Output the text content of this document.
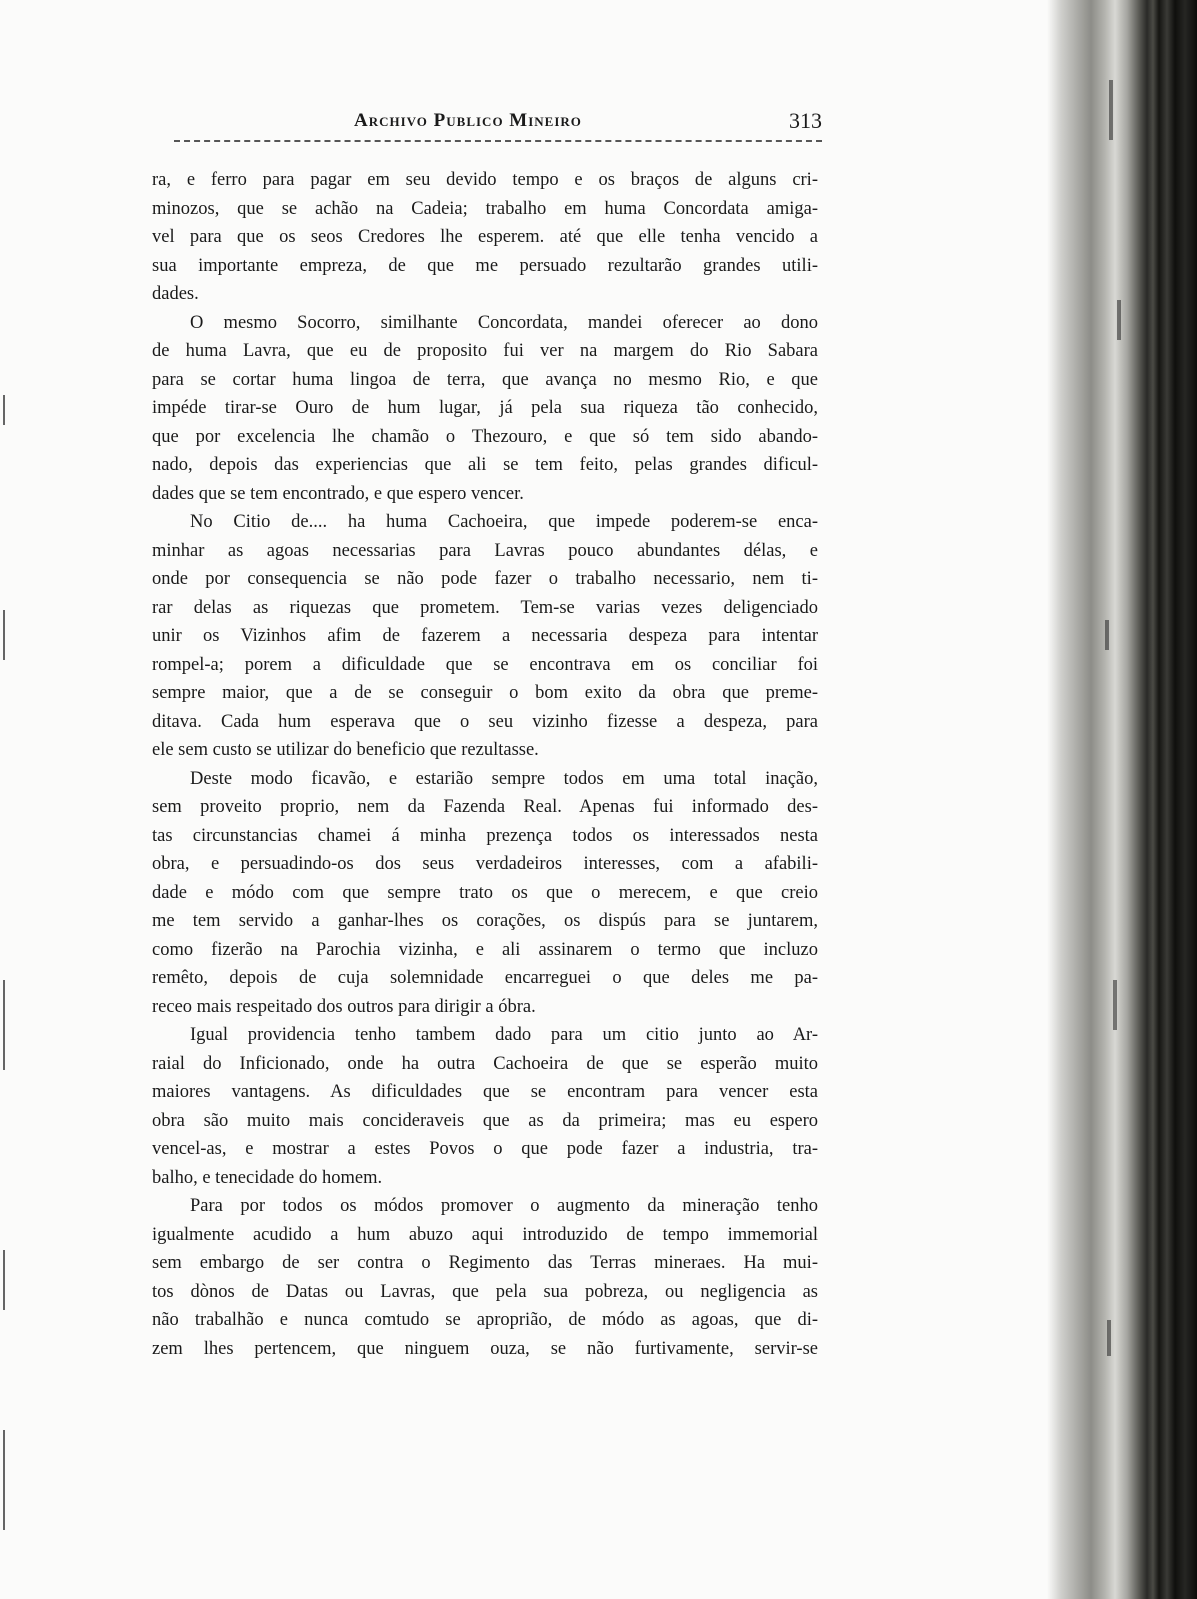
Archivo Publico Mineiro	313
ra, e ferro para pagar em seu devido tempo e os braços de alguns cri-
minozos, que se achão na Cadeia; trabalho em huma Concordata amiga-
vel para que os seos Credores lhe esperem. até que elle tenha vencido a
sua importante empreza, de que me persuado rezultarão grandes utili-
dades.
O mesmo Socorro, similhante Concordata, mandei oferecer ao dono
de huma Lavra, que eu de proposito fui ver na margem do Rio Sabara
para se cortar huma lingoa de terra, que avança no mesmo Rio, e que
impéde tirar-se Ouro de hum lugar, já pela sua riqueza tão conhecido,
que por excelencia lhe chamão o Thezouro, e que só tem sido abando-
nado, depois das experiencias que ali se tem feito, pelas grandes dificul-
dades que se tem encontrado, e que espero vencer.
No Citio de.... ha huma Cachoeira, que impede poderem-se enca-
minhar as agoas necessarias para Lavras pouco abundantes délas, e
onde por consequencia se não pode fazer o trabalho necessario, nem ti-
rar delas as riquezas que prometem. Tem-se varias vezes deligenciado
unir os Vizinhos afim de fazerem a necessaria despeza para intentar
rompel-a; porem a dificuldade que se encontrava em os conciliar foi
sempre maior, que a de se conseguir o bom exito da obra que preme-
ditava. Cada hum esperava que o seu vizinho fizesse a despeza, para
ele sem custo se utilizar do beneficio que rezultasse.
Deste modo ficavão, e estarião sempre todos em uma total inação,
sem proveito proprio, nem da Fazenda Real. Apenas fui informado des-
tas circunstancias chamei á minha prezença todos os interessados nesta
obra, e persuadindo-os dos seus verdadeiros interesses, com a afabili-
dade e módo com que sempre trato os que o merecem, e que creio
me tem servido a ganhar-lhes os corações, os dispús para se juntarem,
como fizerão na Parochia vizinha, e ali assinarem o termo que incluzo
remêto, depois de cuja solemnidade encarreguei o que deles me pa-
receo mais respeitado dos outros para dirigir a óbra.
Igual providencia tenho tambem dado para um citio junto ao Ar-
raial do Inficionado, onde ha outra Cachoeira de que se esperão muito
maiores vantagens. As dificuldades que se encontram para vencer esta
obra são muito mais concideraveis que as da primeira; mas eu espero
vencel-as, e mostrar a estes Povos o que pode fazer a industria, tra-
balho, e tenecidade do homem.
Para por todos os módos promover o augmento da mineração tenho
igualmente acudido a hum abuzo aqui introduzido de tempo immemorial
sem embargo de ser contra o Regimento das Terras mineraes. Ha mui-
tos dònos de Datas ou Lavras, que pela sua pobreza, ou negligencia as
não trabalhão e nunca comtudo se aproprião, de módo as agoas, que di-
zem lhes pertencem, que ninguem ouza, se não furtivamente, servir-se
